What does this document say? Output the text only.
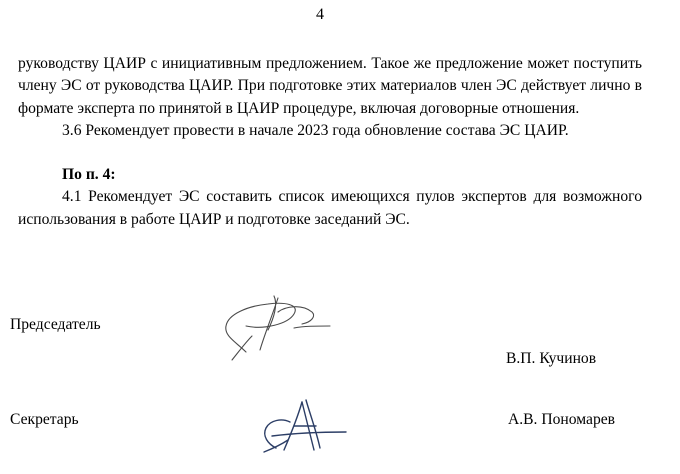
4

руководству ЦАИР с инициативным предложением. Такое же предложение может поступить члену ЭС от руководства ЦАИР. При подготовке этих материалов член ЭС действует лично в формате эксперта по принятой в ЦАИР процедуре, включая договорные отношения.

3.6 Рекомендует провести в начале 2023 года обновление состава ЭС ЦАИР.

По п. 4:

4.1 Рекомендует ЭС составить список имеющихся пулов экспертов для возможного использования в работе ЦАИР и подготовке заседаний ЭС.

Председатель
В.П. Кучинов
Секретарь	А.В. Пономарев
